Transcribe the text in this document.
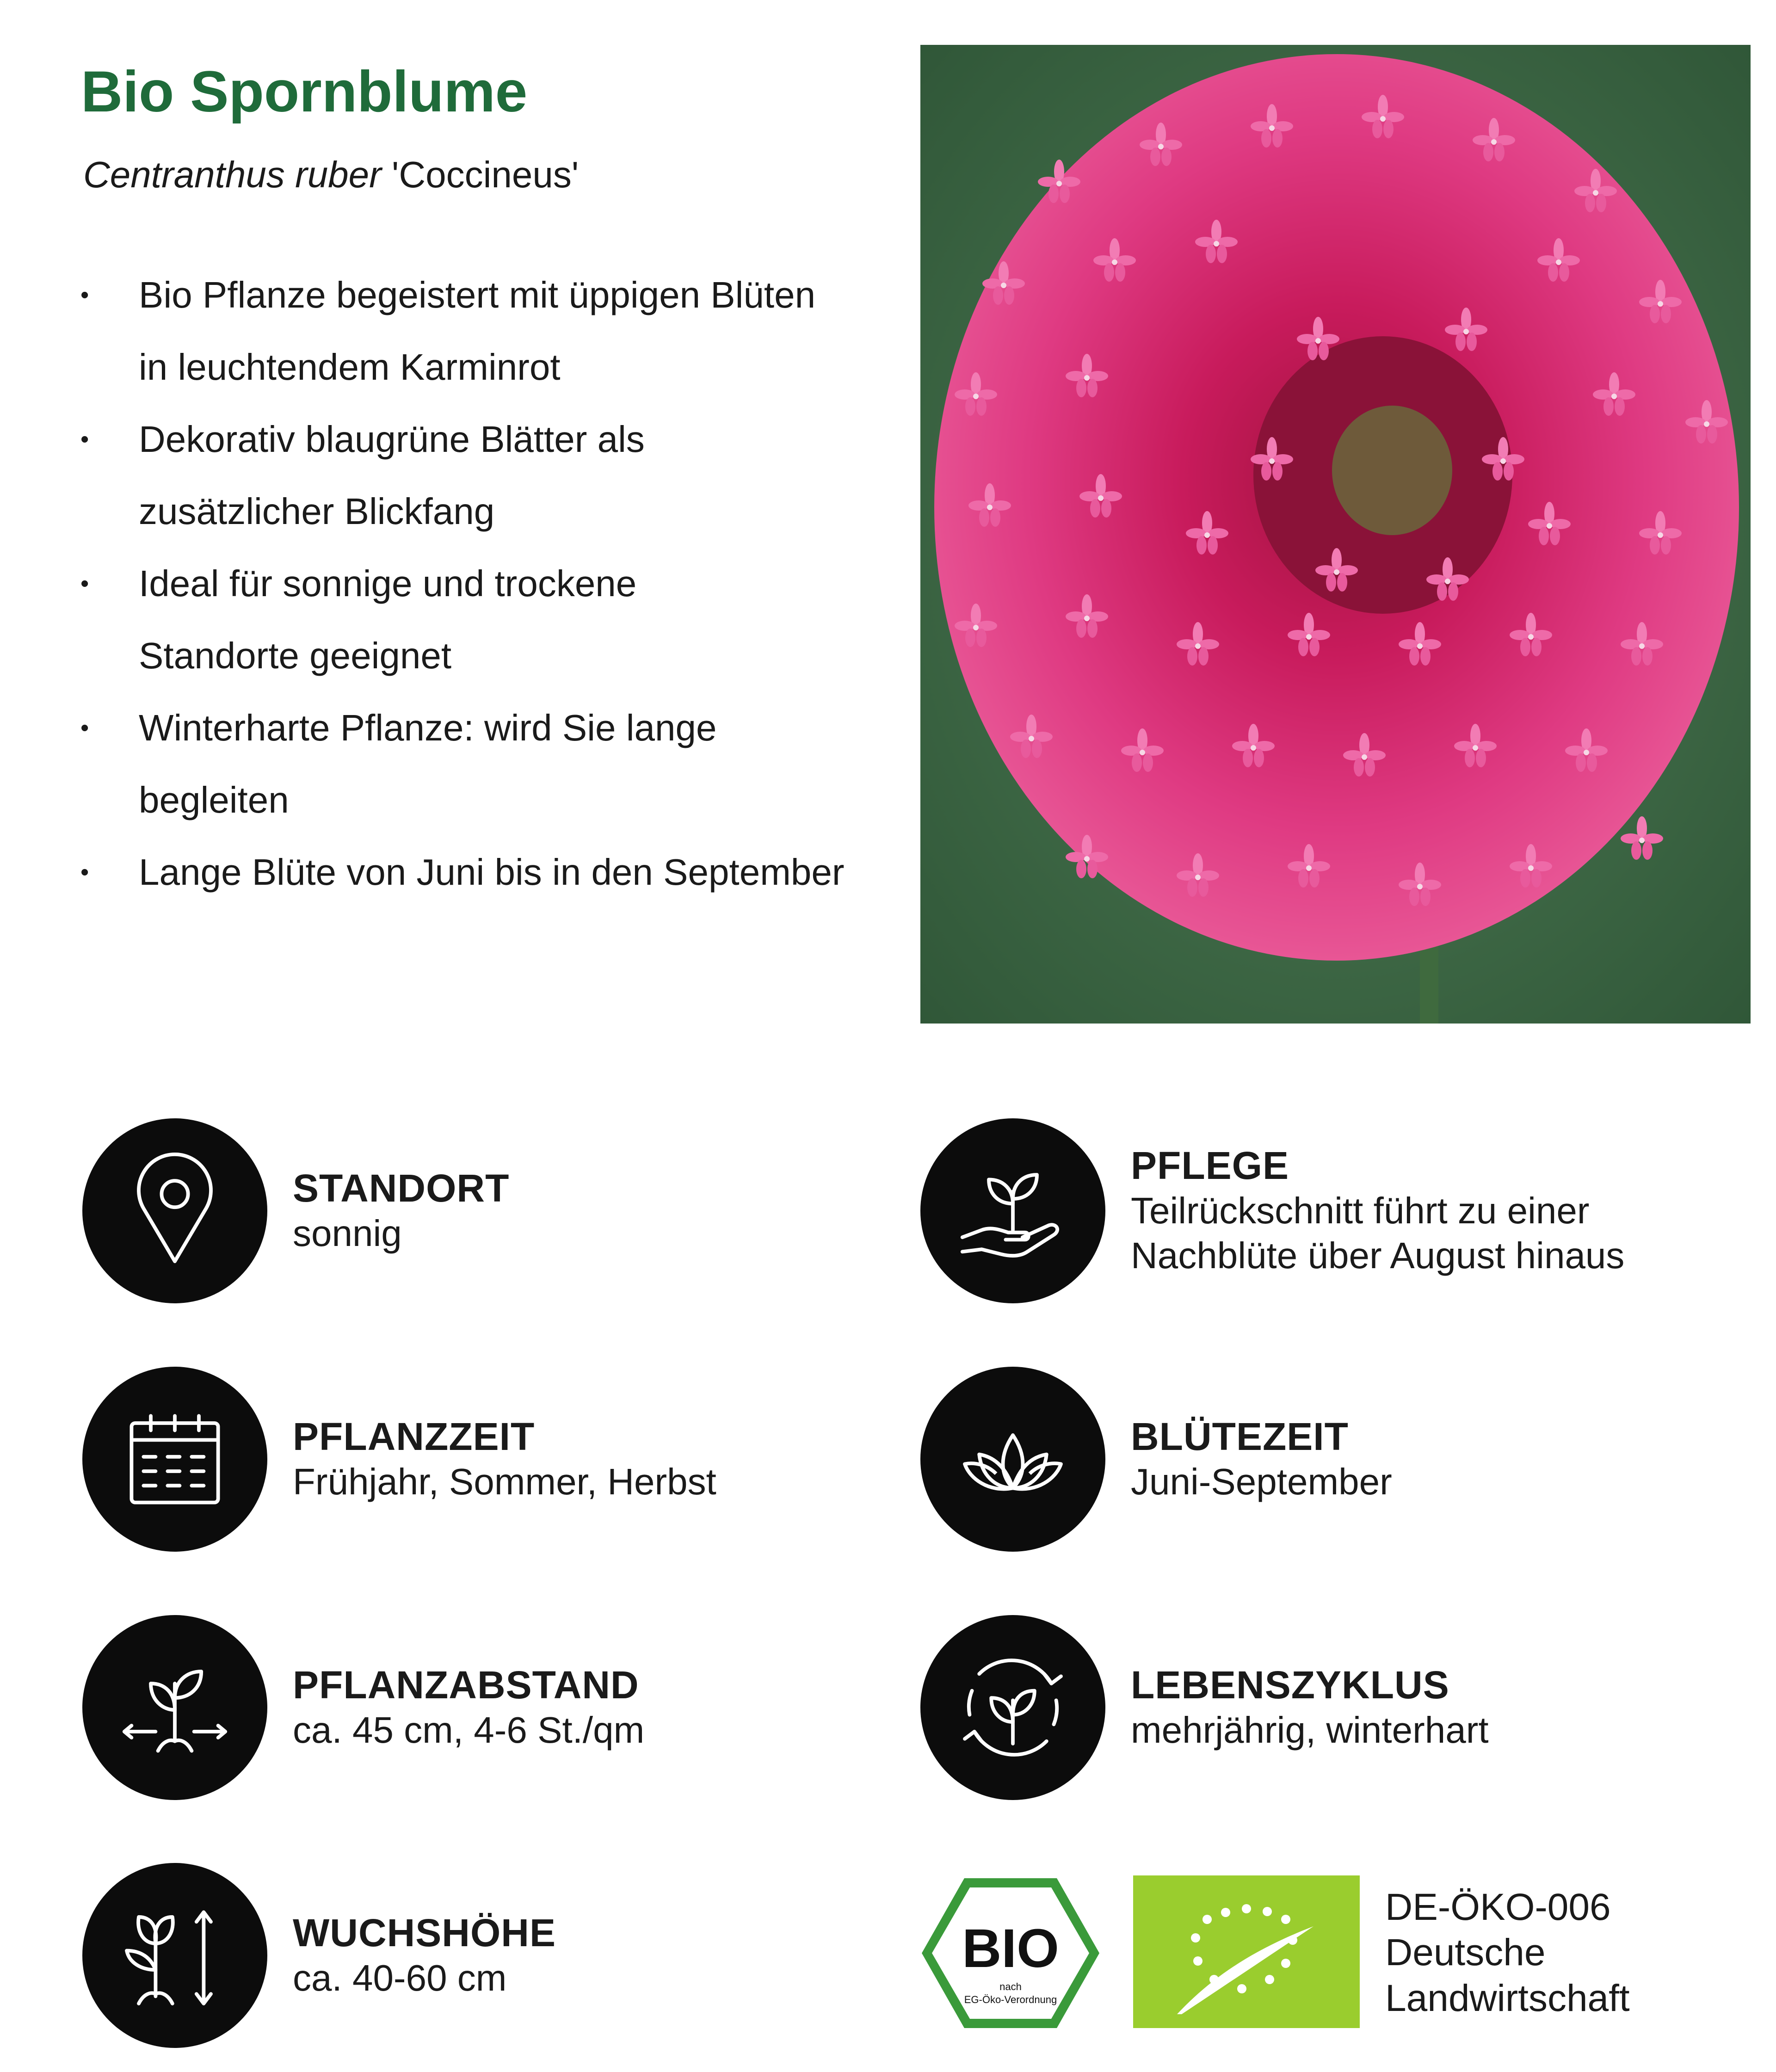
Bio Spornblume
Centranthus ruber 'Coccineus'
• Bio Pflanze begeistert mit üppigen Blüten
in leuchtendem Karminrot
• Dekorativ blaugrüne Blätter als
zusätzlicher Blickfang
• Ideal für sonnige und trockene
Standorte geeignet
• Winterharte Pflanze: wird Sie lange
begleiten
• Lange Blüte von Juni bis in den September
STANDORT
sonnig
PFLEGE
Teilrückschnitt führt zu einer
Nachblüte über August hinaus
PFLANZZEIT
Frühjahr, Sommer, Herbst
BLÜTEZEIT
Juni-September
PFLANZABSTAND
ca. 45 cm, 4-6 St./qm
LEBENSZYKLUS
mehrjährig, winterhart
WUCHSHÖHE
ca. 40-60 cm	BIO
nach
EG-Öko-Verordnung
DE-ÖKO-006
Deutsche
Landwirtschaft
